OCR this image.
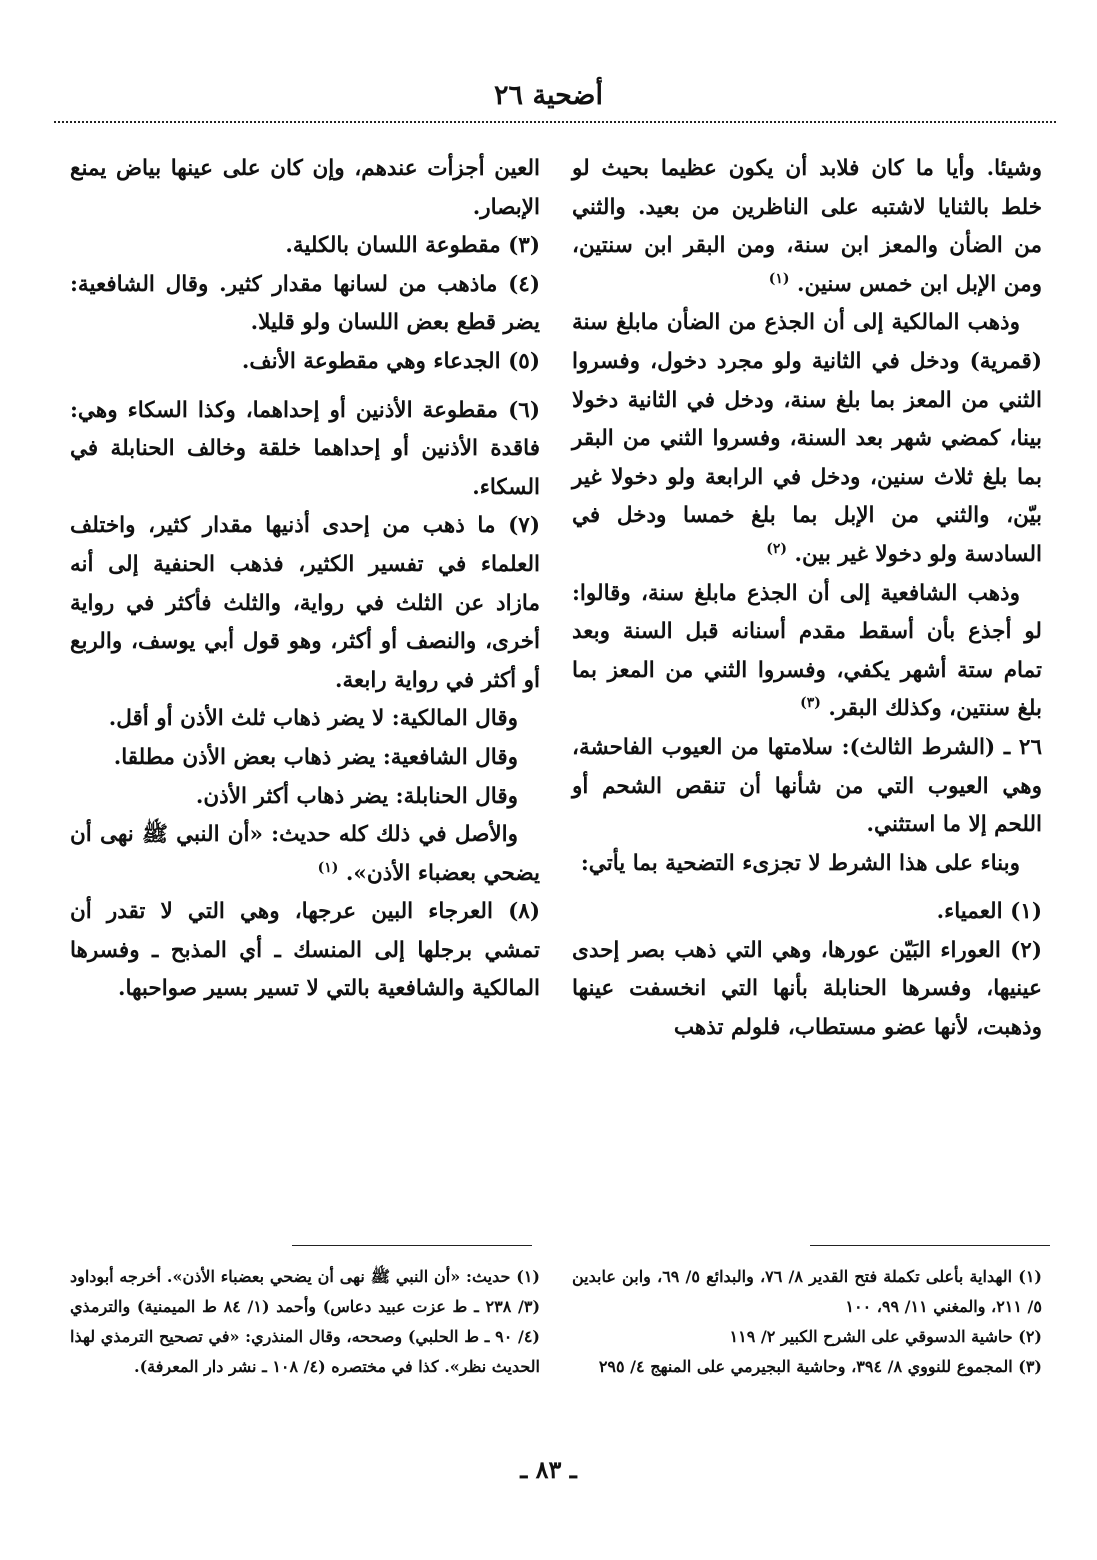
أضحية ٢٦

وشيئا. وأيا ما كان فلابد أن يكون عظيما بحيث لو خلط بالثنايا لاشتبه على الناظرين من بعيد. والثني من الضأن والمعز ابن سنة، ومن البقر ابن سنتين، ومن الإبل ابن خمس سنين. $^{(١)}$

وذهب المالكية إلى أن الجذع من الضأن مابلغ سنة (قمرية) ودخل في الثانية ولو مجرد دخول، وفسروا الثني من المعز بما بلغ سنة، ودخل في الثانية دخولا بينا، كمضي شهر بعد السنة، وفسروا الثني من البقر بما بلغ ثلاث سنين، ودخل في الرابعة ولو دخولا غير بيّن، والثني من الإبل بما بلغ خمسا ودخل في السادسة ولو دخولا غير بين. $^{(٢)}$

وذهب الشافعية إلى أن الجذع مابلغ سنة، وقالوا: لو أجذع بأن أسقط مقدم أسنانه قبل السنة وبعد تمام ستة أشهر يكفي، وفسروا الثني من المعز بما بلغ سنتين، وكذلك البقر. $^{(٣)}$

٢٦ ـ (الشرط الثالث): سلامتها من العيوب الفاحشة، وهي العيوب التي من شأنها أن تنقص الشحم أو اللحم إلا ما استثني.

وبناء على هذا الشرط لا تجزىء التضحية بما يأتي:

(١) العمياء.

(٢) العوراء البَيّن عورها، وهي التي ذهب بصر إحدى عينيها، وفسرها الحنابلة بأنها التي انخسفت عينها وذهبت، لأنها عضو مستطاب، فلولم تذهب

العين أجزأت عندهم، وإن كان على عينها بياض يمنع الإبصار.

(٣) مقطوعة اللسان بالكلية.

(٤) ماذهب من لسانها مقدار كثير. وقال الشافعية: يضر قطع بعض اللسان ولو قليلا.

(٥) الجدعاء وهي مقطوعة الأنف.

(٦) مقطوعة الأذنين أو إحداهما، وكذا السكاء وهي: فاقدة الأذنين أو إحداهما خلقة وخالف الحنابلة في السكاء.

(٧) ما ذهب من إحدى أذنيها مقدار كثير، واختلف العلماء في تفسير الكثير، فذهب الحنفية إلى أنه مازاد عن الثلث في رواية، والثلث فأكثر في رواية أخرى، والنصف أو أكثر، وهو قول أبي يوسف، والربع أو أكثر في رواية رابعة.

وقال المالكية: لا يضر ذهاب ثلث الأذن أو أقل.

وقال الشافعية: يضر ذهاب بعض الأذن مطلقا.

وقال الحنابلة: يضر ذهاب أكثر الأذن.

والأصل في ذلك كله حديث: «أن النبي ﷺ نهى أن يضحي بعضباء الأذن». $^{(١)}$

(٨) العرجاء البين عرجها، وهي التي لا تقدر أن تمشي برجلها إلى المنسك ـ أي المذبح ـ وفسرها المالكية والشافعية بالتي لا تسير بسير صواحبها.

(١) الهداية بأعلى تكملة فتح القدير ٨/ ٧٦، والبدائع ٥/ ٦٩، وابن عابدين ٥/ ٢١١، والمغني ١١/ ٩٩، ١٠٠

(٢) حاشية الدسوقي على الشرح الكبير ٢/ ١١٩

(٣) المجموع للنووي ٨/ ٣٩٤، وحاشية البجيرمي على المنهج ٤/ ٢٩٥

(١) حديث: «أن النبي ﷺ نهى أن يضحي بعضباء الأذن». أخرجه أبوداود (٣/ ٢٣٨ ـ ط عزت عبيد دعاس) وأحمد (١/ ٨٤ ط الميمنية) والترمذي (٤/ ٩٠ ـ ط الحلبي) وصححه، وقال المنذري: «في تصحيح الترمذي لهذا الحديث نظر». كذا في مختصره (٤/ ١٠٨ ـ نشر دار المعرفة).

ـ ٨٣ ـ
